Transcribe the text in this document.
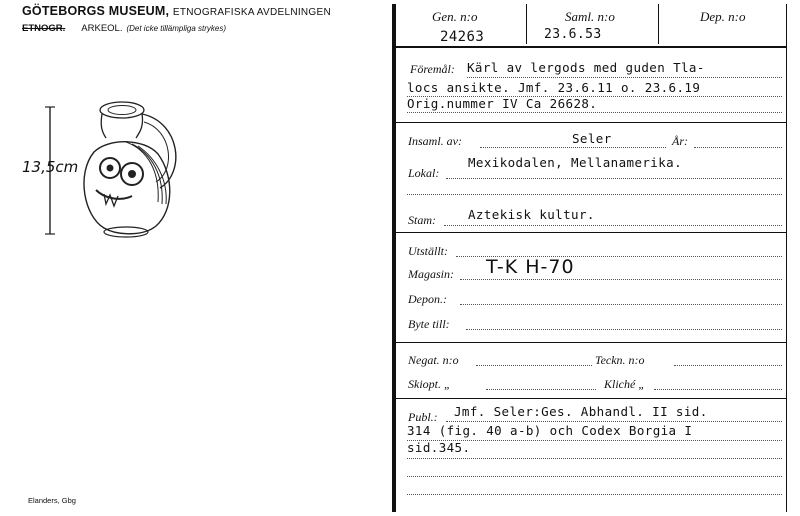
GÖTEBORGS MUSEUM, ETNOGRAFISKA AVDELNINGEN
ETNOGR. ARKEOL. (Det icke tillämpliga strykes)
13,5cm
Elanders, Gbg
Gen. n:o
24263
Saml. n:o
23.6.53
Dep. n:o
Föremål: Kärl av lergods med guden Tla-
locs ansikte. Jmf. 23.6.11 o. 23.6.19
Orig.nummer IV Ca 26628.
Insaml. av:	Seler	År:
Lokal:
Mexikodalen, Mellanamerika.
Stam:	Aztekisk kultur.
Utställt:
Magasin: T-K H-70
Depon.:
Byte till:
Negat. n:o	Teckn. n:o
Skiopt. „	Kliché „
Publ.: Jmf. Seler:Ges. Abhandl. II sid.
314 (fig. 40 a-b) och Codex Borgia I
sid.345.
